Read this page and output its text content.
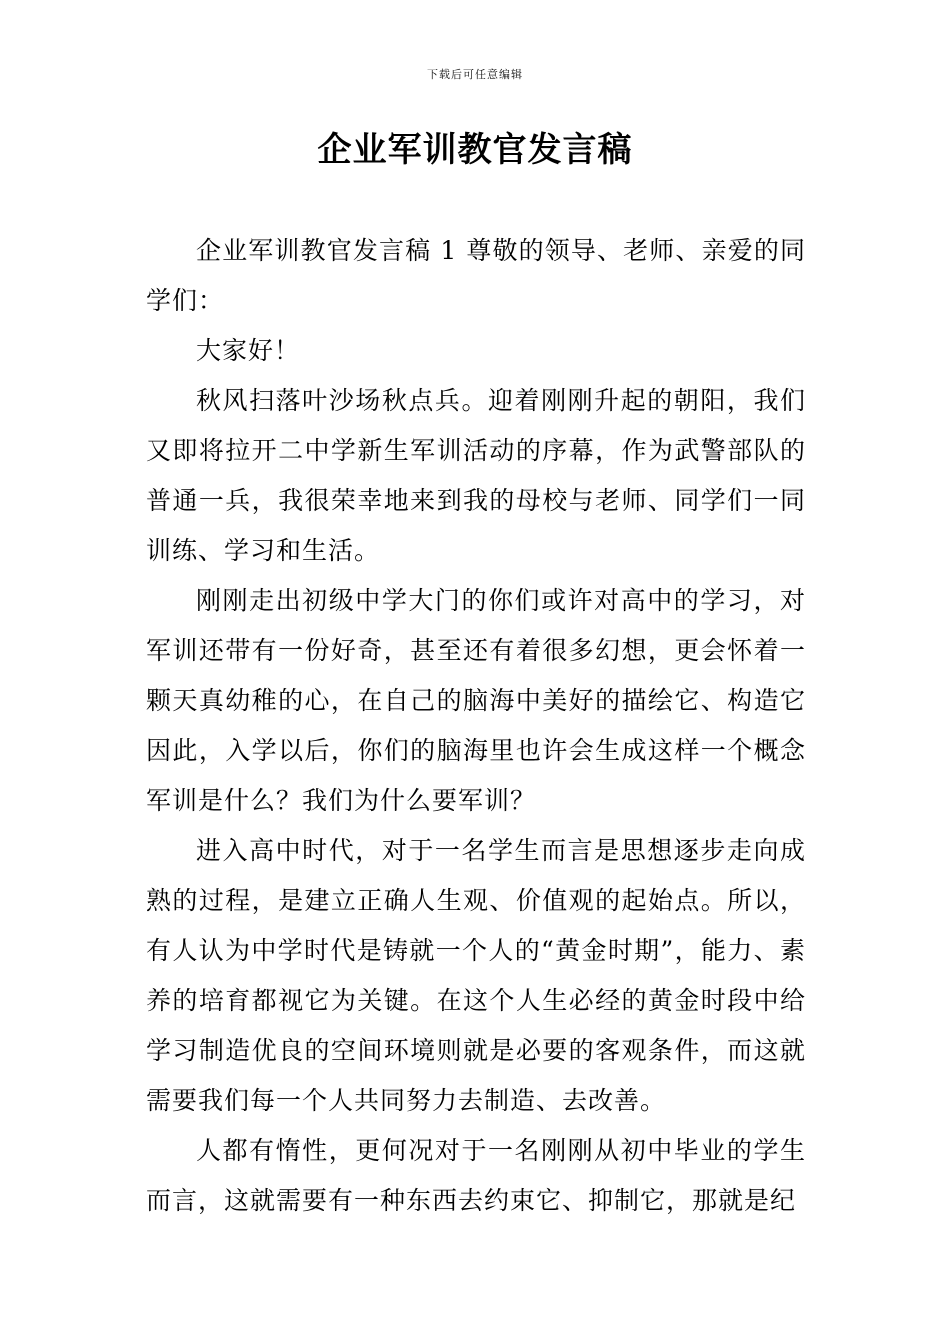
下载后可任意编辑
企业军训教官发言稿

企业军训教官发言稿 1 尊敬的领导、老师、亲爱的同学们：

大家好！

秋风扫落叶沙场秋点兵。迎着刚刚升起的朝阳，我们又即将拉开二中学新生军训活动的序幕，作为武警部队的普通一兵，我很荣幸地来到我的母校与老师、同学们一同训练、学习和生活。

刚刚走出初级中学大门的你们或许对高中的学习，对军训还带有一份好奇，甚至还有着很多幻想，更会怀着一颗天真幼稚的心，在自己的脑海中美好的描绘它、构造它因此，入学以后，你们的脑海里也许会生成这样一个概念军训是什么？我们为什么要军训？

进入高中时代，对于一名学生而言是思想逐步走向成熟的过程，是建立正确人生观、价值观的起始点。所以，有人认为中学时代是铸就一个人的“黄金时期”，能力、素养的培育都视它为关键。在这个人生必经的黄金时段中给学习制造优良的空间环境则就是必要的客观条件，而这就需要我们每一个人共同努力去制造、去改善。

人都有惰性，更何况对于一名刚刚从初中毕业的学生而言，这就需要有一种东西去约束它、抑制它，那就是纪
